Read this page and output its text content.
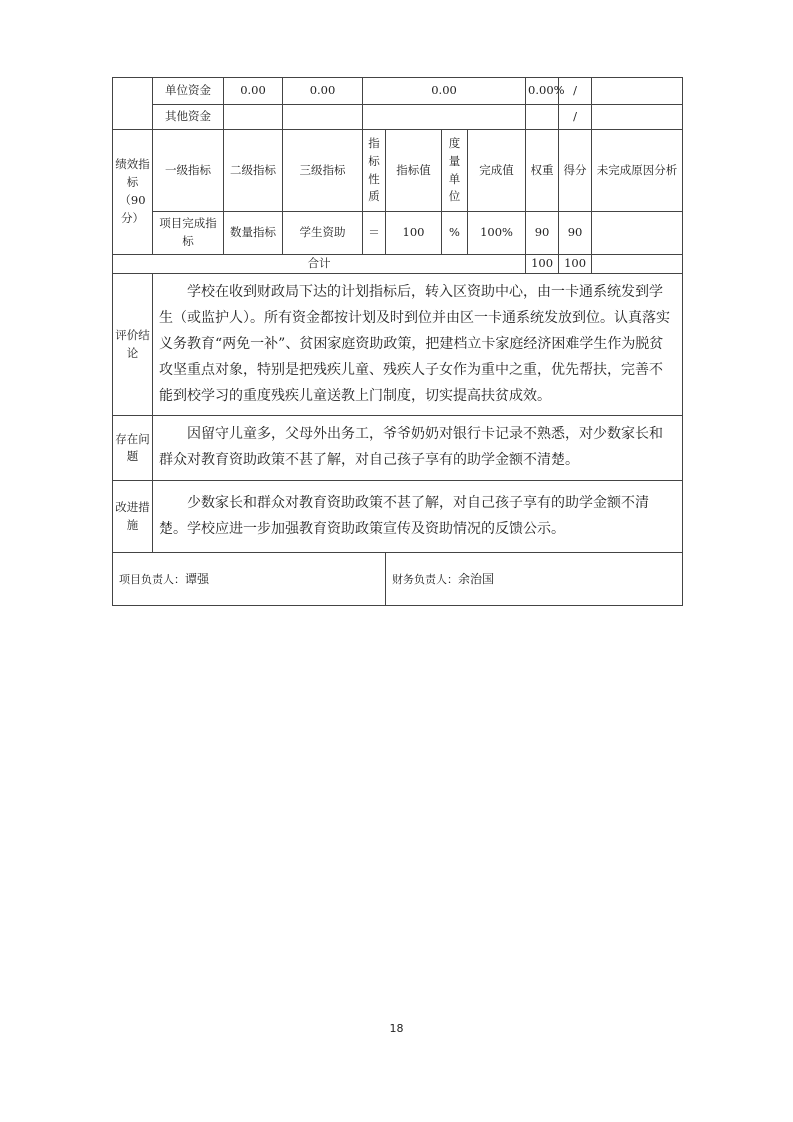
	单位资金	0.00	0.00	0.00				0.00%	/		
	其他资金								/		
绩效指标（90分）	一级指标	二级指标	三级指标	指标性质	指标值	度量单位	完成值	权重	得分	未完成原因分析	
	项目完成指标	数量指标	学生资助	＝	100	%	100%	90	90		
合计								100	100		
评价结论	学校在收到财政局下达的计划指标后，转入区资助中心，由一卡通系统发到学生（或监护人）。所有资金都按计划及时到位并由区一卡通系统发放到位。认真落实义务教育“两免一补”、贫困家庭资助政策，把建档立卡家庭经济困难学生作为脱贫攻坚重点对象，特别是把残疾儿童、残疾人子女作为重中之重，优先帮扶，完善不能到校学习的重度残疾儿童送教上门制度，切实提高扶贫成效。										
存在问题	因留守儿童多，父母外出务工，爷爷奶奶对银行卡记录不熟悉，对少数家长和群众对教育资助政策不甚了解，对自己孩子享有的助学金额不清楚。										
改进措施	少数家长和群众对教育资助政策不甚了解，对自己孩子享有的助学金额不清楚。学校应进一步加强教育资助政策宣传及资助情况的反馈公示。										
项目负责人：谭强					财务负责人：余治国						
18
